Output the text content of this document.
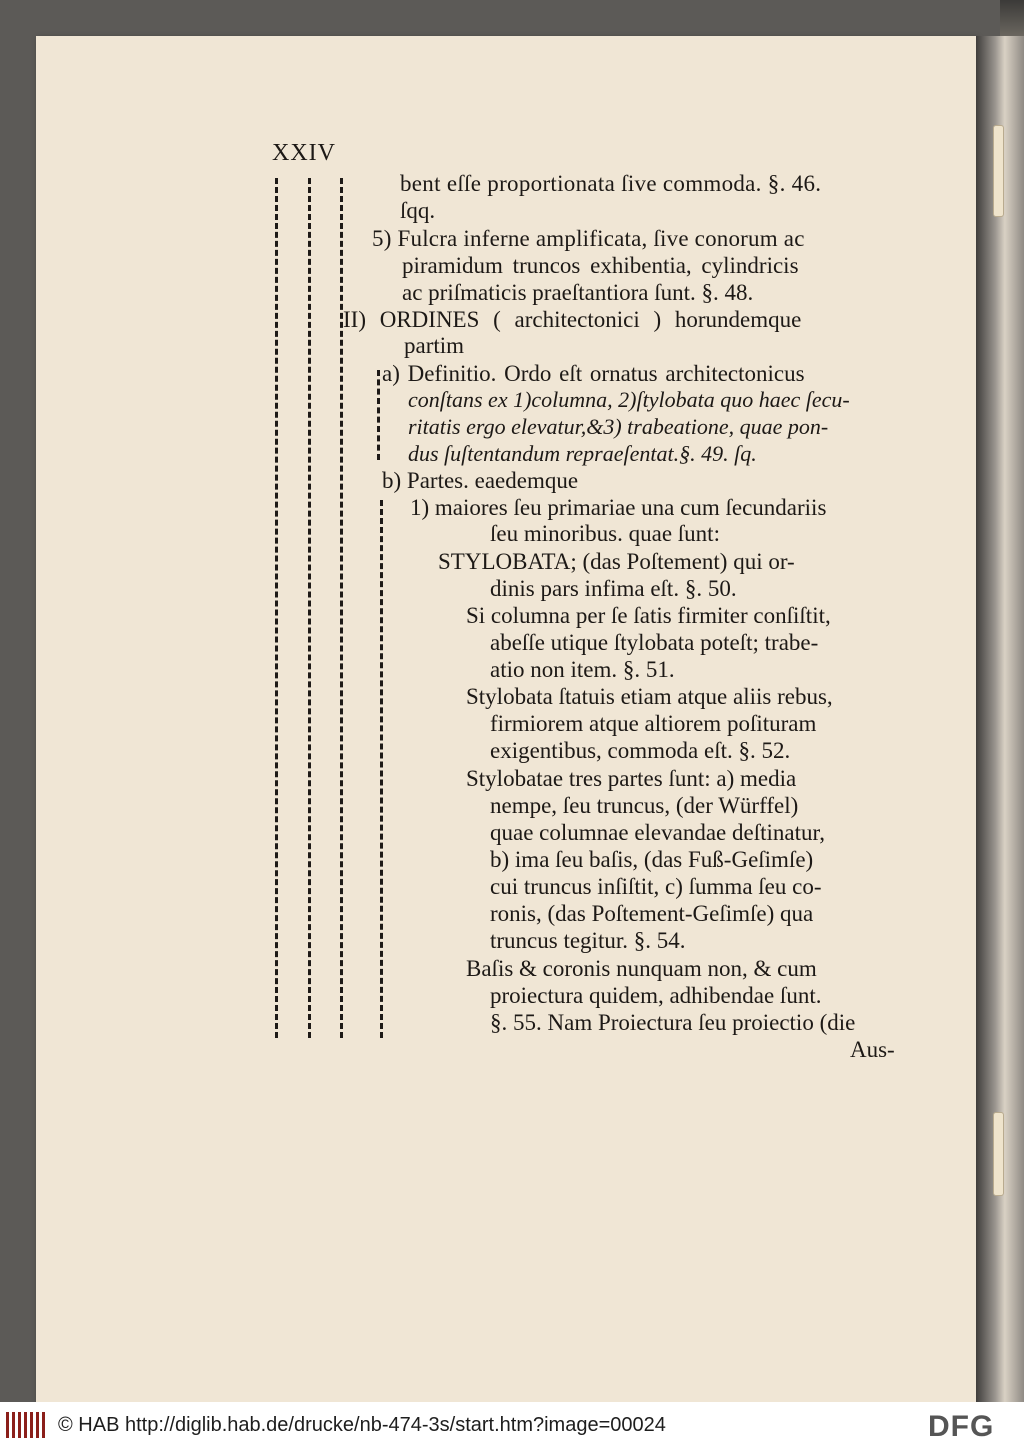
XXIV
bent eſſe proportionata ſive commoda. §. 46.
ſqq.
5) Fulcra inferne amplificata, ſive conorum ac
piramidum truncos exhibentia, cylindricis
ac priſmaticis praeſtantiora ſunt. §. 48.
II) ORDINES ( architectonici ) horundemque
partim
a) Definitio. Ordo eſt ornatus architectonicus
conſtans ex 1)columna, 2)ſtylobata quo haec ſecu-
ritatis ergo elevatur,&3) trabeatione, quae pon-
dus ſuſtentandum repraeſentat.§. 49. ſq.
b) Partes. eaedemque
1) maiores ſeu primariae una cum ſecundariis
ſeu minoribus. quae ſunt:
STYLOBATA; (das Poſtement) qui or-
dinis pars infima eſt. §. 50.
Si columna per ſe ſatis firmiter conſiſtit,
abeſſe utique ſtylobata poteſt; trabe-
atio non item. §. 51.
Stylobata ſtatuis etiam atque aliis rebus,
firmiorem atque altiorem poſituram
exigentibus, commoda eſt. §. 52.
Stylobatae tres partes ſunt: a) media
nempe, ſeu truncus, (der Würffel)
quae columnae elevandae deſtinatur,
b) ima ſeu baſis, (das Fuß-Geſimſe)
cui truncus inſiſtit, c) ſumma ſeu co-
ronis, (das Poſtement-Geſimſe) qua
truncus tegitur. §. 54.
Baſis & coronis nunquam non, & cum
proiectura quidem, adhibendae ſunt.
§. 55. Nam Proiectura ſeu proiectio (die
Aus-
© HAB http://diglib.hab.de/drucke/nb-474-3s/start.htm?image=00024	DFG
